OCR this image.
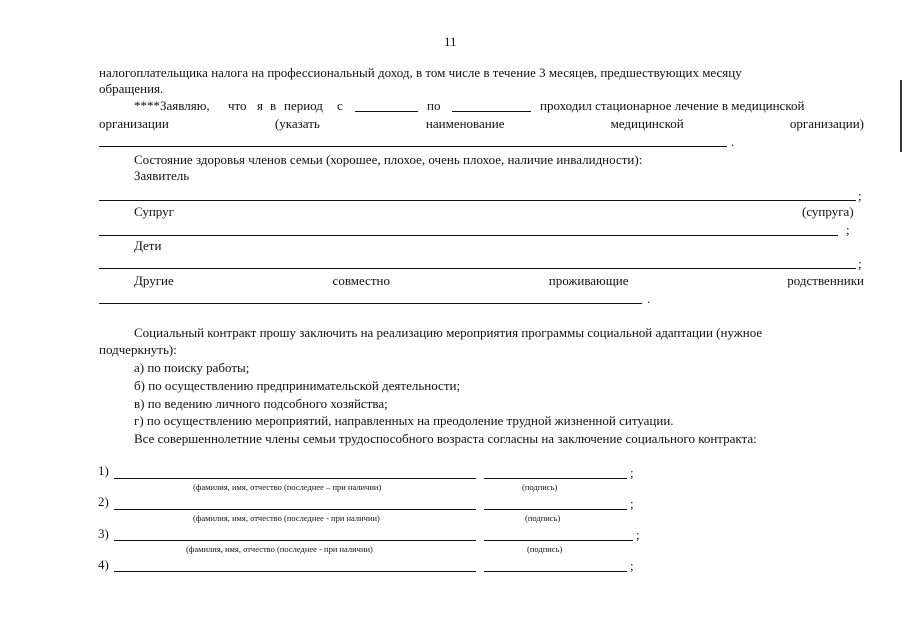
11
налогоплательщика налога на профессиональный доход, в том числе в течение 3 месяцев, предшествующих месяцу
обращения.
****Заявляю, что я в период с	по	проходил стационарное лечение в медицинской
организации	(указать	наименование	медицинской	организации)
.
Состояние здоровья членов семьи (хорошее, плохое, очень плохое, наличие инвалидности):
Заявитель
;
Супруг	(супруга)
;
Дети
;
Другие	совместно	проживающие	родственники
.
Социальный контракт прошу заключить на реализацию мероприятия программы социальной адаптации (нужное
подчеркнуть):
а) по поиску работы;
б) по осуществлению предпринимательской деятельности;
в) по ведению личного подсобного хозяйства;
г) по осуществлению мероприятий, направленных на преодоление трудной жизненной ситуации.
Все совершеннолетние члены семьи трудоспособного возраста согласны на заключение социального контракта:
1)	;
(фамилия, имя, отчество (последнее – при наличии)	(подпись)
2)	;
(фамилия, имя, отчество (последнее - при наличии)	(подпись)
3)	;
(фамилия, имя, отчество (последнее - при наличии)	(подпись)
4)	;
